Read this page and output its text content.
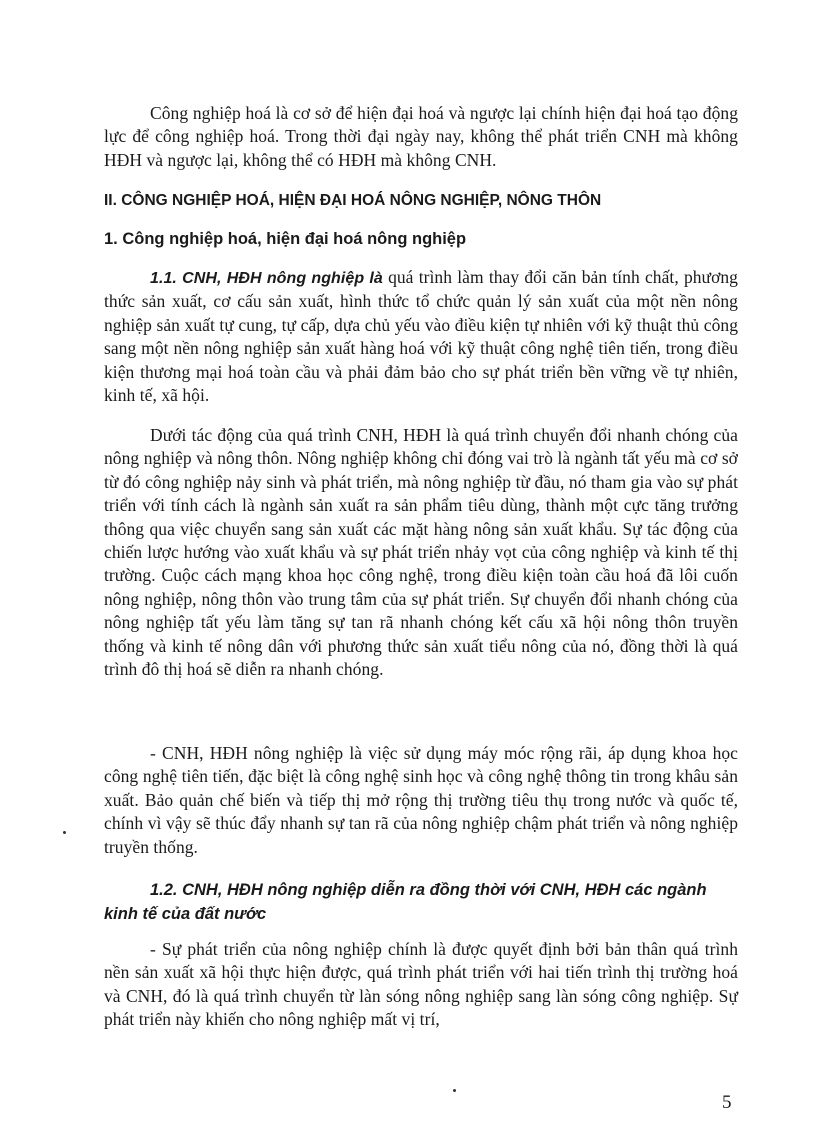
Công nghiệp hoá là cơ sở để hiện đại hoá và ngược lại chính hiện đại hoá tạo động lực để công nghiệp hoá. Trong thời đại ngày nay, không thể phát triển CNH mà không HĐH và ngược lại, không thể có HĐH mà không CNH.

II. CÔNG NGHIỆP HOÁ, HIỆN ĐẠI HOÁ NÔNG NGHIỆP, NÔNG THÔN

1. Công nghiệp hoá, hiện đại hoá nông nghiệp

1.1. CNH, HĐH nông nghiệp là quá trình làm thay đổi căn bản tính chất, phương thức sản xuất, cơ cấu sản xuất, hình thức tổ chức quản lý sản xuất của một nền nông nghiệp sản xuất tự cung, tự cấp, dựa chủ yếu vào điều kiện tự nhiên với kỹ thuật thủ công sang một nền nông nghiệp sản xuất hàng hoá với kỹ thuật công nghệ tiên tiến, trong điều kiện thương mại hoá toàn cầu và phải đảm bảo cho sự phát triển bền vững về tự nhiên, kinh tế, xã hội.

Dưới tác động của quá trình CNH, HĐH là quá trình chuyển đổi nhanh chóng của nông nghiệp và nông thôn. Nông nghiệp không chỉ đóng vai trò là ngành tất yếu mà cơ sở từ đó công nghiệp nảy sinh và phát triển, mà nông nghiệp từ đầu, nó tham gia vào sự phát triển với tính cách là ngành sản xuất ra sản phẩm tiêu dùng, thành một cực tăng trưởng thông qua việc chuyển sang sản xuất các mặt hàng nông sản xuất khẩu. Sự tác động của chiến lược hướng vào xuất khẩu và sự phát triển nhảy vọt của công nghiệp và kinh tế thị trường. Cuộc cách mạng khoa học công nghệ, trong điều kiện toàn cầu hoá đã lôi cuốn nông nghiệp, nông thôn vào trung tâm của sự phát triển. Sự chuyển đổi nhanh chóng của nông nghiệp tất yếu làm tăng sự tan rã nhanh chóng kết cấu xã hội nông thôn truyền thống và kinh tế nông dân với phương thức sản xuất tiểu nông của nó, đồng thời là quá trình đô thị hoá sẽ diễn ra nhanh chóng.

- CNH, HĐH nông nghiệp là việc sử dụng máy móc rộng rãi, áp dụng khoa học công nghệ tiên tiến, đặc biệt là công nghệ sinh học và công nghệ thông tin trong khâu sản xuất. Bảo quản chế biến và tiếp thị mở rộng thị trường tiêu thụ trong nước và quốc tế, chính vì vậy sẽ thúc đẩy nhanh sự tan rã của nông nghiệp chậm phát triển và nông nghiệp truyền thống.

1.2. CNH, HĐH nông nghiệp diễn ra đồng thời với CNH, HĐH các ngành kinh tế của đất nước

- Sự phát triển của nông nghiệp chính là được quyết định bởi bản thân quá trình nền sản xuất xã hội thực hiện được, quá trình phát triển với hai tiến trình thị trường hoá và CNH, đó là quá trình chuyển từ làn sóng nông nghiệp sang làn sóng công nghiệp. Sự phát triển này khiến cho nông nghiệp mất vị trí,

5
